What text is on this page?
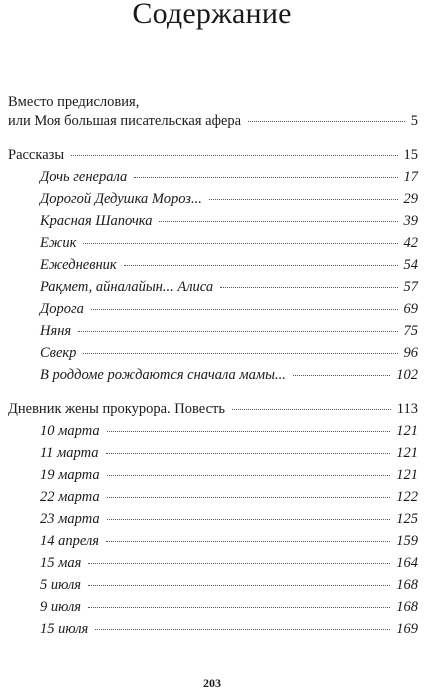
Содержание
Вместо предисловия,
или Моя большая писательская афера	5
Рассказы	15
Дочь генерала	17
Дорогой Дедушка Мороз...	29
Красная Шапочка	39
Ежик	42
Ежедневник	54
Рақмет, айналайын... Алиса	57
Дорога	69
Няня	75
Свекр	96
В роддоме рождаются сначала мамы...	102
Дневник жены прокурора. Повесть	113
10 марта	121
11 марта	121
19 марта	121
22 марта	122
23 марта	125
14 апреля	159
15 мая	164
5 июля	168
9 июля	168
15 июля	169
203
